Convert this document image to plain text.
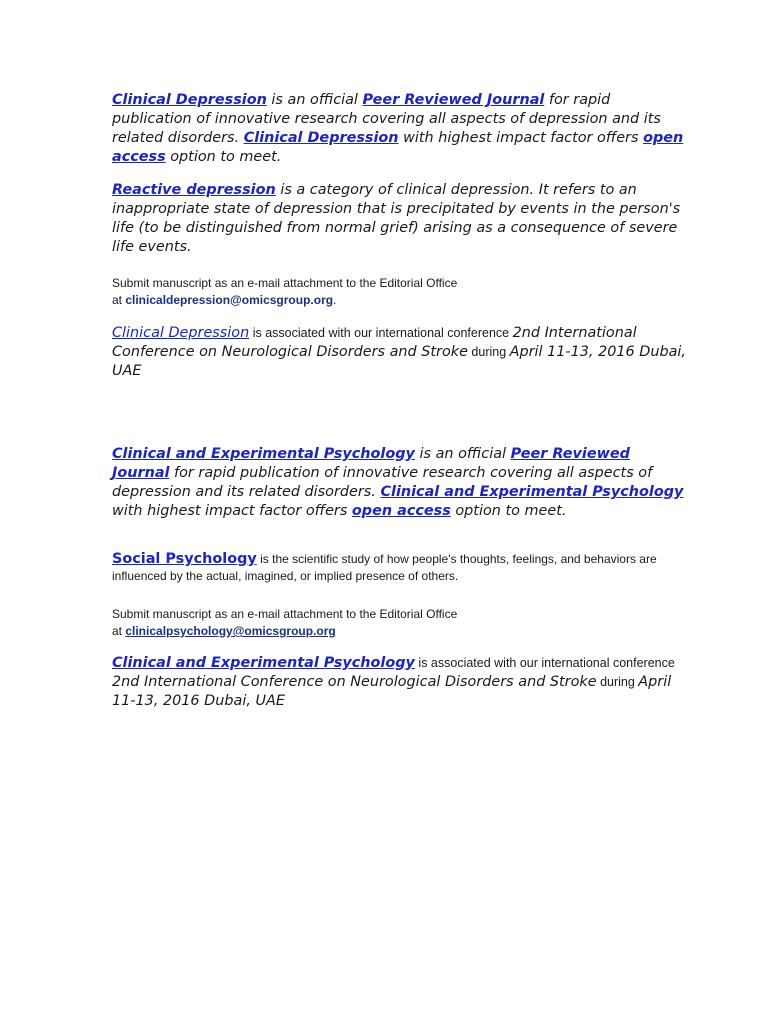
Clinical Depression is an official Peer Reviewed Journal for rapid publication of innovative research covering all aspects of depression and its related disorders. Clinical Depression with highest impact factor offers open access option to meet.

Reactive depression is a category of clinical depression. It refers to an inappropriate state of depression that is precipitated by events in the person's life (to be distinguished from normal grief) arising as a consequence of severe life events.

Submit manuscript as an e-mail attachment to the Editorial Office
at clinicaldepression@omicsgroup.org.

Clinical Depression is associated with our international conference 2nd International Conference on Neurological Disorders and Stroke during April 11-13, 2016 Dubai, UAE

Clinical and Experimental Psychology is an official Peer Reviewed Journal for rapid publication of innovative research covering all aspects of depression and its related disorders. Clinical and Experimental Psychology with highest impact factor offers open access option to meet.

Social Psychology is the scientific study of how people's thoughts, feelings, and behaviors are influenced by the actual, imagined, or implied presence of others.

Submit manuscript as an e-mail attachment to the Editorial Office
at clinicalpsychology@omicsgroup.org

Clinical and Experimental Psychology is associated with our international conference 2nd International Conference on Neurological Disorders and Stroke during April 11-13, 2016 Dubai, UAE
